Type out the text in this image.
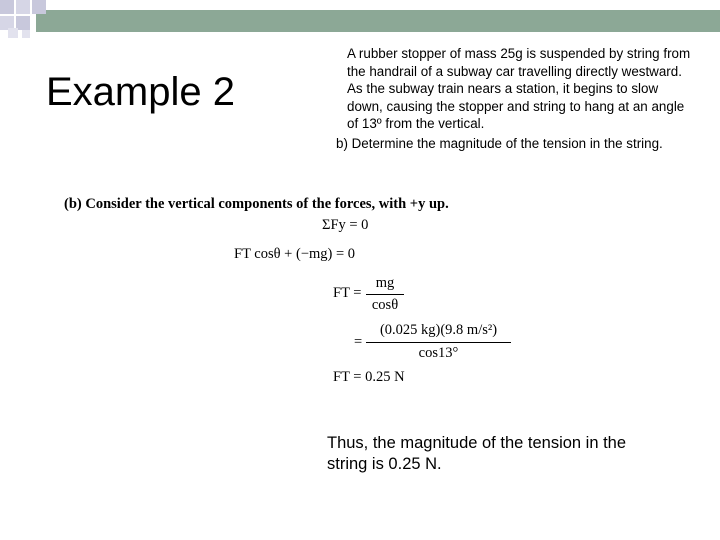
Example 2
A rubber stopper of mass 25g is suspended by string from the handrail of a subway car travelling directly westward. As the subway train nears a station, it begins to slow down, causing the stopper and string to hang at an angle of 13º from the vertical.
b) Determine the magnitude of the tension in the string.
(b) Consider the vertical components of the forces, with +y up.
ΣFy = 0
FT cosθ + (−mg) = 0
FT =
mg
cosθ
=
(0.025 kg)(9.8 m/s²)
cos13°
FT = 0.25 N
Thus, the magnitude of the tension in the string is 0.25 N.
